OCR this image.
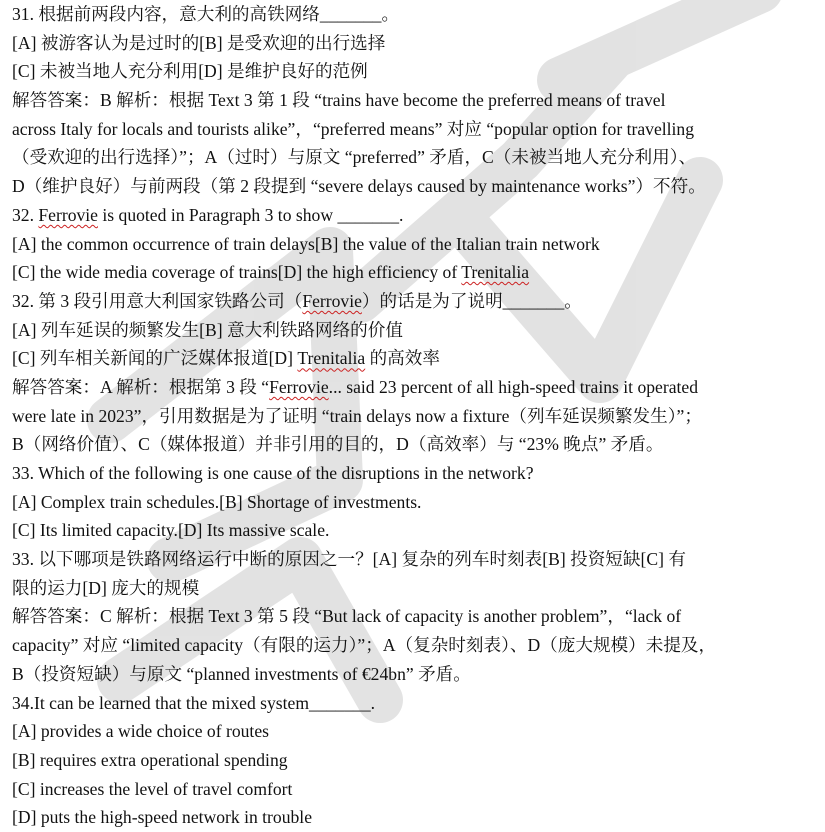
31. 根据前两段内容，意大利的高铁网络_______。
[A] 被游客认为是过时的[B] 是受欢迎的出行选择
[C] 未被当地人充分利用[D] 是维护良好的范例
解答答案：B 解析：根据 Text 3 第 1 段 “trains have become the preferred means of travel
across Italy for locals and tourists alike”，“preferred means” 对应 “popular option for travelling
（受欢迎的出行选择）”；A（过时）与原文 “preferred” 矛盾，C（未被当地人充分利用）、
D（维护良好）与前两段（第 2 段提到 “severe delays caused by maintenance works”）不符。
32. Ferrovie is quoted in Paragraph 3 to show _______.
[A] the common occurrence of train delays[B] the value of the Italian train network
[C] the wide media coverage of trains[D] the high efficiency of Trenitalia
32. 第 3 段引用意大利国家铁路公司（Ferrovie）的话是为了说明_______。
[A] 列车延误的频繁发生[B] 意大利铁路网络的价值
[C] 列车相关新闻的广泛媒体报道[D] Trenitalia 的高效率
解答答案：A 解析：根据第 3 段 “Ferrovie... said 23 percent of all high-speed trains it operated
were late in 2023”，引用数据是为了证明 “train delays now a fixture（列车延误频繁发生）”；
B（网络价值）、C（媒体报道）并非引用的目的，D（高效率）与 “23% 晚点” 矛盾。
33. Which of the following is one cause of the disruptions in the network?
[A] Complex train schedules.[B] Shortage of investments.
[C] Its limited capacity.[D] Its massive scale.
33. 以下哪项是铁路网络运行中断的原因之一？[A] 复杂的列车时刻表[B] 投资短缺[C] 有
限的运力[D] 庞大的规模
解答答案：C 解析：根据 Text 3 第 5 段 “But lack of capacity is another problem”，“lack of
capacity” 对应 “limited capacity（有限的运力）”；A（复杂时刻表）、D（庞大规模）未提及，
B（投资短缺）与原文 “planned investments of €24bn” 矛盾。
34.It can be learned that the mixed system_______.
[A] provides a wide choice of routes
[B] requires extra operational spending
[C] increases the level of travel comfort
[D] puts the high-speed network in trouble
